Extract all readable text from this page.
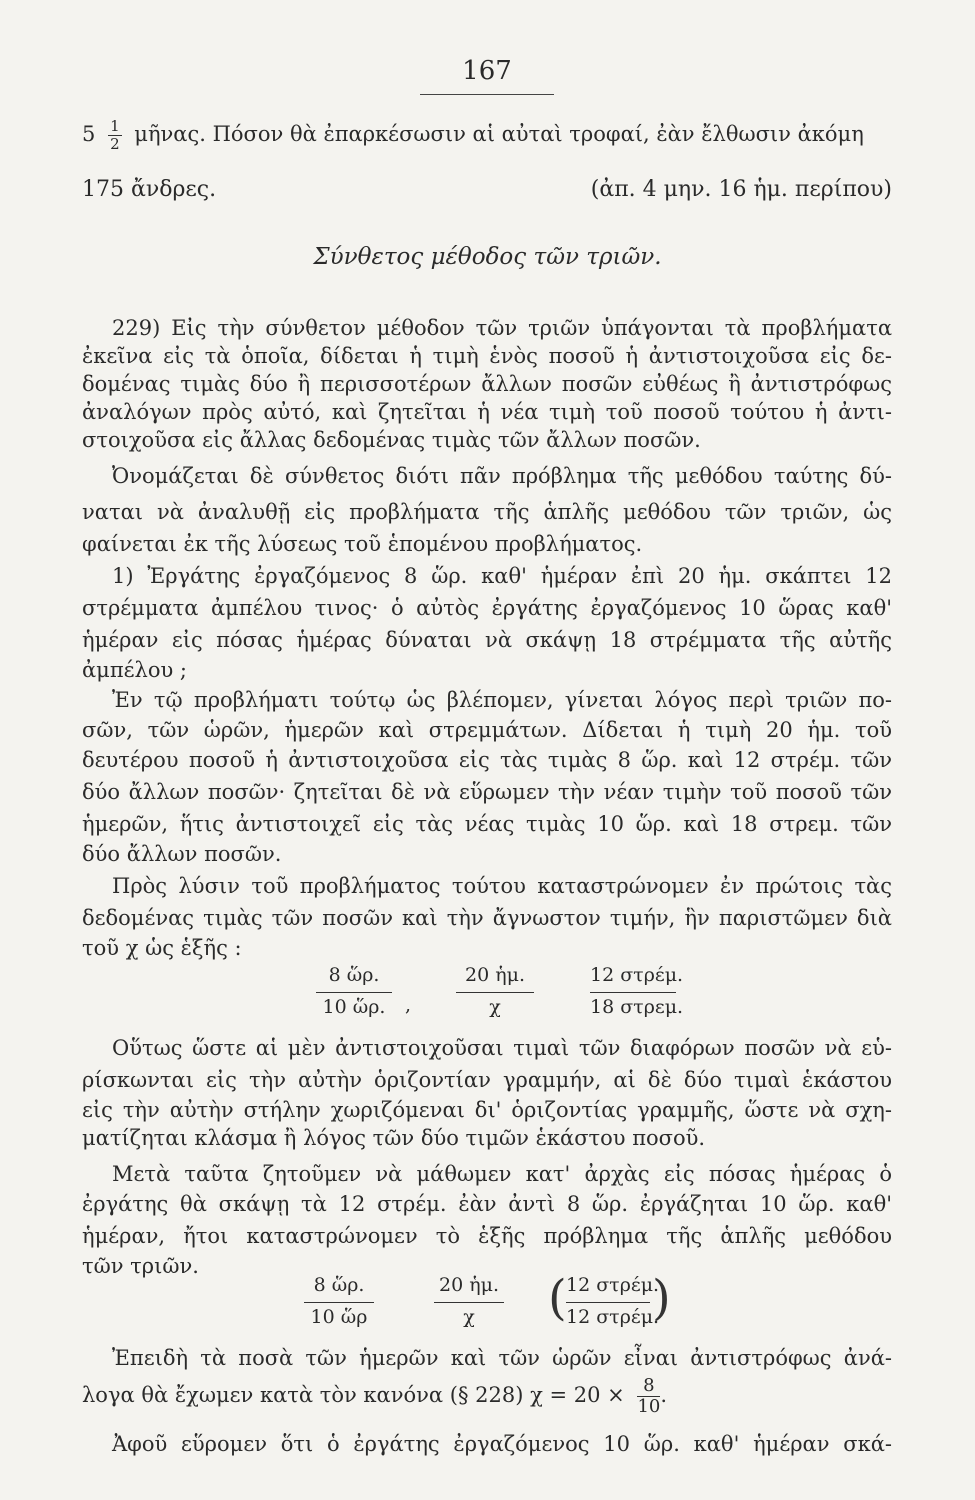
167
$5 \frac{1}{2}$ μῆνας. Πόσον θὰ ἐπαρκέσωσιν αἱ αὐταὶ τροφαί, ἐὰν ἔλθωσιν ἀκόμη
175 ἄνδρες.	(ἀπ. 4 μην. 16 ἡμ. περίπου)
Σύνθετος μέθοδος τῶν τριῶν.
229) Εἰς τὴν σύνθετον μέθοδον τῶν τριῶν ὑπάγονται τὰ προβλήματα
ἐκεῖνα εἰς τὰ ὁποῖα, δίδεται ἡ τιμὴ ἑνὸς ποσοῦ ἡ ἀντιστοιχοῦσα εἰς δε-
δομένας τιμὰς δύο ἢ περισσοτέρων ἄλλων ποσῶν εὐθέως ἢ ἀντιστρόφως
ἀναλόγων πρὸς αὐτό, καὶ ζητεῖται ἡ νέα τιμὴ τοῦ ποσοῦ τούτου ἡ ἀντι-
στοιχοῦσα εἰς ἄλλας δεδομένας τιμὰς τῶν ἄλλων ποσῶν.
Ὀνομάζεται δὲ σύνθετος διότι πᾶν πρόβλημα τῆς μεθόδου ταύτης δύ-
ναται νὰ ἀναλυθῇ εἰς προβλήματα τῆς ἁπλῆς μεθόδου τῶν τριῶν, ὡς
φαίνεται ἐκ τῆς λύσεως τοῦ ἑπομένου προβλήματος.
1) Ἐργάτης ἐργαζόμενος 8 ὥρ. καθ' ἡμέραν ἐπὶ 20 ἡμ. σκάπτει 12
στρέμματα ἀμπέλου τινος· ὁ αὐτὸς ἐργάτης ἐργαζόμενος 10 ὥρας καθ'
ἡμέραν εἰς πόσας ἡμέρας δύναται νὰ σκάψῃ 18 στρέμματα τῆς αὐτῆς
ἀμπέλου ;
Ἐν τῷ προβλήματι τούτῳ ὡς βλέπομεν, γίνεται λόγος περὶ τριῶν πο-
σῶν, τῶν ὡρῶν, ἡμερῶν καὶ στρεμμάτων. Δίδεται ἡ τιμὴ 20 ἡμ. τοῦ
δευτέρου ποσοῦ ἡ ἀντιστοιχοῦσα εἰς τὰς τιμὰς 8 ὥρ. καὶ 12 στρέμ. τῶν
δύο ἄλλων ποσῶν· ζητεῖται δὲ νὰ εὕρωμεν τὴν νέαν τιμὴν τοῦ ποσοῦ τῶν
ἡμερῶν, ἥτις ἀντιστοιχεῖ εἰς τὰς νέας τιμὰς 10 ὥρ. καὶ 18 στρεμ. τῶν
δύο ἄλλων ποσῶν.
Πρὸς λύσιν τοῦ προβλήματος τούτου καταστρώνομεν ἐν πρώτοις τὰς
δεδομένας τιμὰς τῶν ποσῶν καὶ τὴν ἄγνωστον τιμήν, ἣν παριστῶμεν διὰ
τοῦ χ ὡς ἑξῆς :
8 ὥρ.	20 ἡμ.	12 στρέμ.
10 ὥρ.	,	χ	18 στρεμ.
Οὕτως ὥστε αἱ μὲν ἀντιστοιχοῦσαι τιμαὶ τῶν διαφόρων ποσῶν νὰ εὑ-
ρίσκωνται εἰς τὴν αὐτὴν ὁριζοντίαν γραμμήν, αἱ δὲ δύο τιμαὶ ἑκάστου
εἰς τὴν αὐτὴν στήλην χωριζόμεναι δι' ὁριζοντίας γραμμῆς, ὥστε νὰ σχη-
ματίζηται κλάσμα ἢ λόγος τῶν δύο τιμῶν ἑκάστου ποσοῦ.
Μετὰ ταῦτα ζητοῦμεν νὰ μάθωμεν κατ' ἀρχὰς εἰς πόσας ἡμέρας ὁ
ἐργάτης θὰ σκάψῃ τὰ 12 στρέμ. ἐὰν ἀντὶ 8 ὥρ. ἐργάζηται 10 ὥρ. καθ'
ἡμέραν, ἤτοι καταστρώνομεν τὸ ἑξῆς πρόβλημα τῆς ἁπλῆς μεθόδου
τῶν τριῶν.
8 ὥρ.	20 ἡμ.	12 στρέμ.
10 ὥρ	χ	12 στρέμ.
( )
Ἐπειδὴ τὰ ποσὰ τῶν ἡμερῶν καὶ τῶν ὡρῶν εἶναι ἀντιστρόφως ἀνά-
λογα θὰ ἔχωμεν κατὰ τὸν κανόνα (§ 228) $\chi = 20 \times \frac{8}{10}$ .
Ἀφοῦ εὕρομεν ὅτι ὁ ἐργάτης ἐργαζόμενος 10 ὥρ. καθ' ἡμέραν σκά-
